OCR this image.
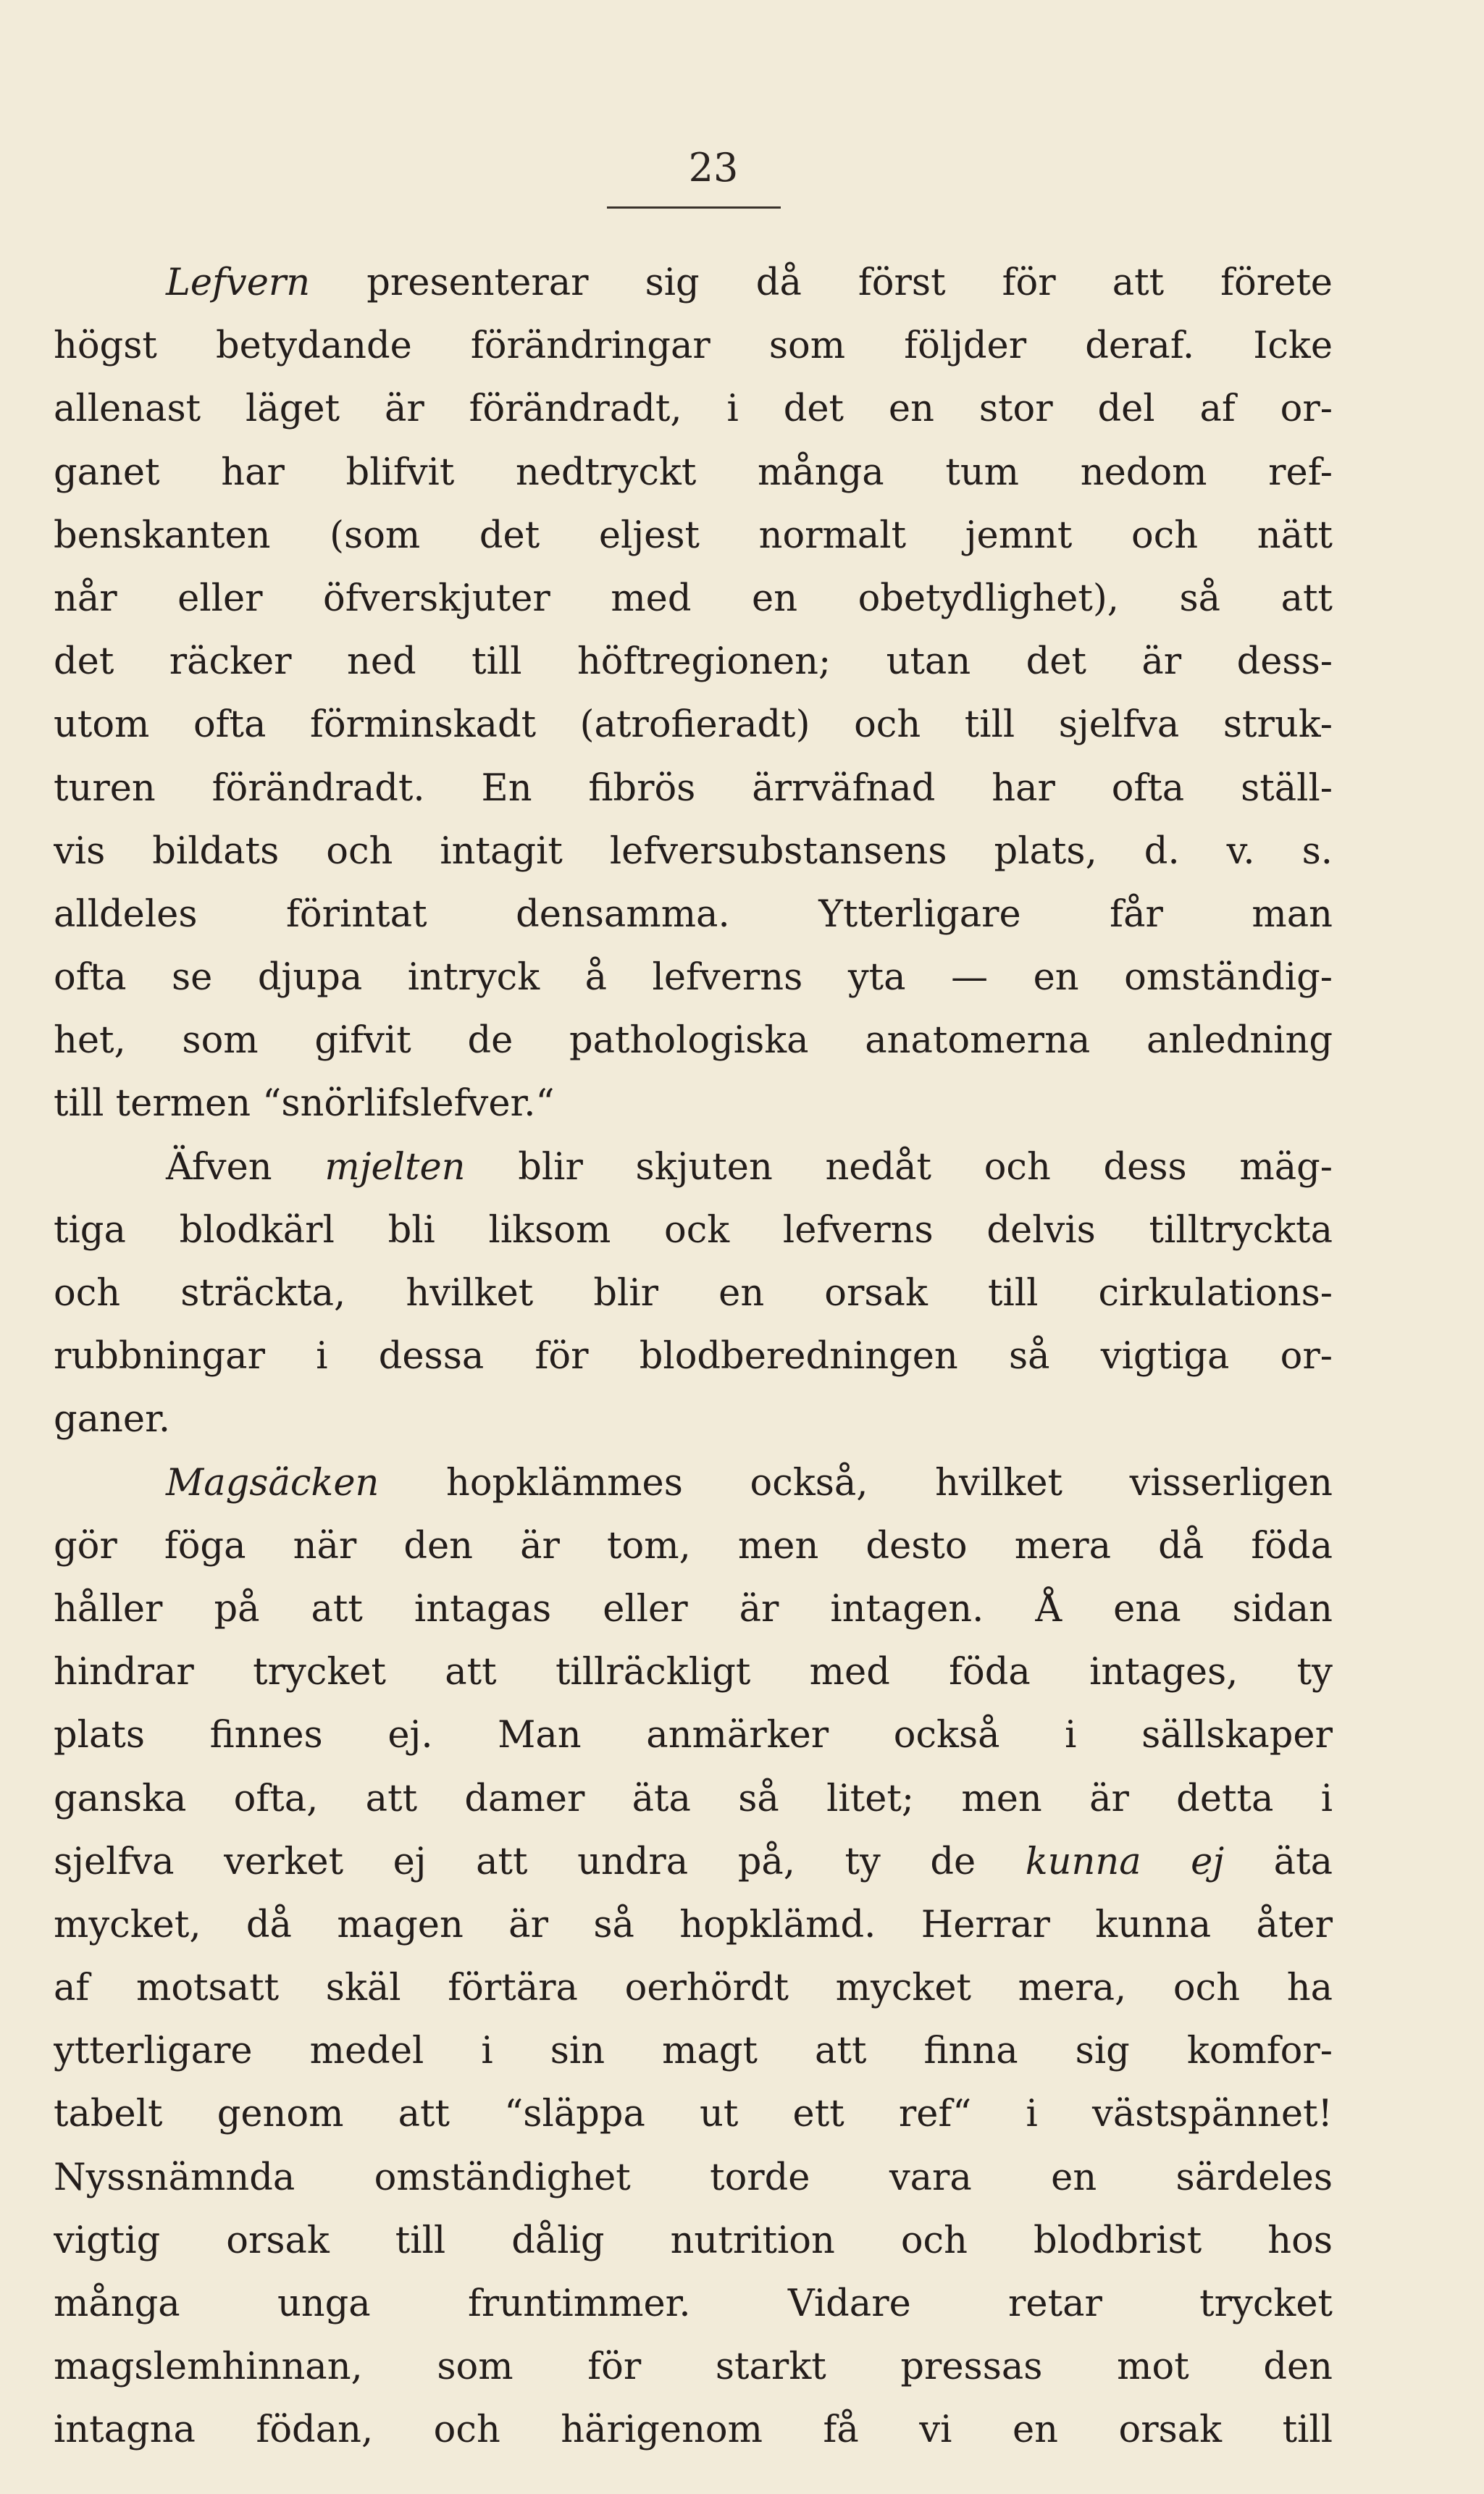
23
Lefvern presenterar sig då först för att förete
högst betydande förändringar som följder deraf. Icke
allenast läget är förändradt, i det en stor del af or-
ganet har blifvit nedtryckt många tum nedom ref-
benskanten (som det eljest normalt jemnt och nätt
når eller öfverskjuter med en obetydlighet), så att
det räcker ned till höftregionen; utan det är dess-
utom ofta förminskadt (atrofieradt) och till sjelfva struk-
turen förändradt. En fibrös ärrväfnad har ofta ställ-
vis bildats och intagit lefversubstansens plats, d. v. s.
alldeles förintat densamma. Ytterligare får man
ofta se djupa intryck å lefverns yta — en omständig-
het, som gifvit de pathologiska anatomerna anledning
till termen “snörlifslefver.“
Äfven mjelten blir skjuten nedåt och dess mäg-
tiga blodkärl bli liksom ock lefverns delvis tilltryckta
och sträckta, hvilket blir en orsak till cirkulations-
rubbningar i dessa för blodberedningen så vigtiga or-
ganer.
Magsäcken hopklämmes också, hvilket visserligen
gör föga när den är tom, men desto mera då föda
håller på att intagas eller är intagen. Å ena sidan
hindrar trycket att tillräckligt med föda intages, ty
plats finnes ej. Man anmärker också i sällskaper
ganska ofta, att damer äta så litet; men är detta i
sjelfva verket ej att undra på, ty de kunna ej äta
mycket, då magen är så hopklämd. Herrar kunna åter
af motsatt skäl förtära oerhördt mycket mera, och ha
ytterligare medel i sin magt att finna sig komfor-
tabelt genom att “släppa ut ett ref“ i västspännet!
Nyssnämnda omständighet torde vara en särdeles
vigtig orsak till dålig nutrition och blodbrist hos
många unga fruntimmer. Vidare retar trycket
magslemhinnan, som för starkt pressas mot den
intagna födan, och härigenom få vi en orsak till
